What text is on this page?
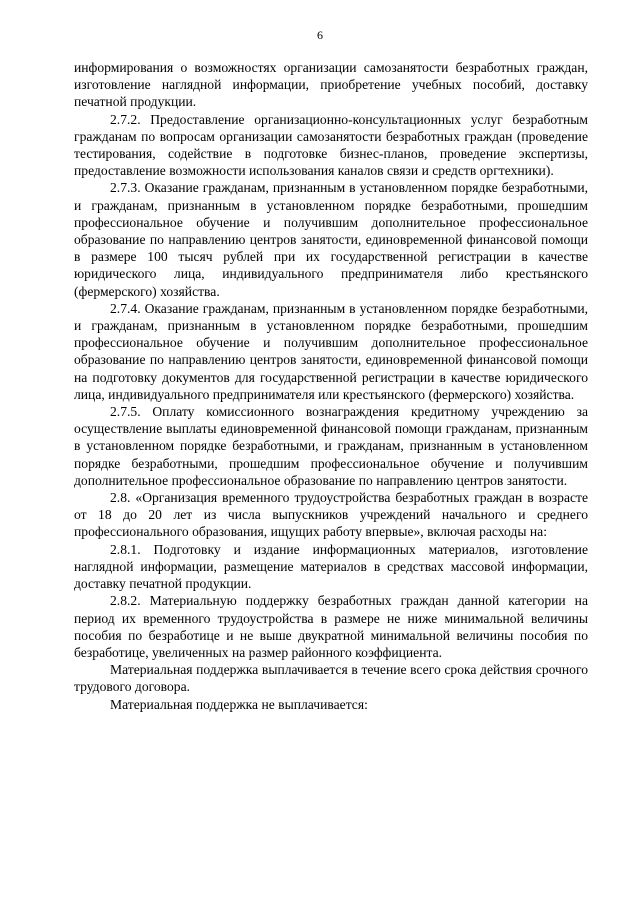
6

информирования о возможностях организации самозанятости безработных граждан, изготовление наглядной информации, приобретение учебных пособий, доставку печатной продукции.

2.7.2. Предоставление организационно-консультационных услуг безработным гражданам по вопросам организации самозанятости безработных граждан (проведение тестирования, содействие в подготовке бизнес-планов, проведение экспертизы, предоставление возможности использования каналов связи и средств оргтехники).

2.7.3. Оказание гражданам, признанным в установленном порядке безработными, и гражданам, признанным в установленном порядке безработными, прошедшим профессиональное обучение и получившим дополнительное профессиональное образование по направлению центров занятости, единовременной финансовой помощи в размере 100 тысяч рублей при их государственной регистрации в качестве юридического лица, индивидуального предпринимателя либо крестьянского (фермерского) хозяйства.

2.7.4. Оказание гражданам, признанным в установленном порядке безработными, и гражданам, признанным в установленном порядке безработными, прошедшим профессиональное обучение и получившим дополнительное профессиональное образование по направлению центров занятости, единовременной финансовой помощи на подготовку документов для государственной регистрации в качестве юридического лица, индивидуального предпринимателя или крестьянского (фермерского) хозяйства.

2.7.5. Оплату комиссионного вознаграждения кредитному учреждению за осуществление выплаты единовременной финансовой помощи гражданам, признанным в установленном порядке безработными, и гражданам, признанным в установленном порядке безработными, прошедшим профессиональное обучение и получившим дополнительное профессиональное образование по направлению центров занятости.

2.8. «Организация временного трудоустройства безработных граждан в возрасте от 18 до 20 лет из числа выпускников учреждений начального и среднего профессионального образования, ищущих работу впервые», включая расходы на:

2.8.1. Подготовку и издание информационных материалов, изготовление наглядной информации, размещение материалов в средствах массовой информации, доставку печатной продукции.

2.8.2. Материальную поддержку безработных граждан данной категории на период их временного трудоустройства в размере не ниже минимальной величины пособия по безработице и не выше двукратной минимальной величины пособия по безработице, увеличенных на размер районного коэффициента.

Материальная поддержка выплачивается в течение всего срока действия срочного трудового договора.

Материальная поддержка не выплачивается:
